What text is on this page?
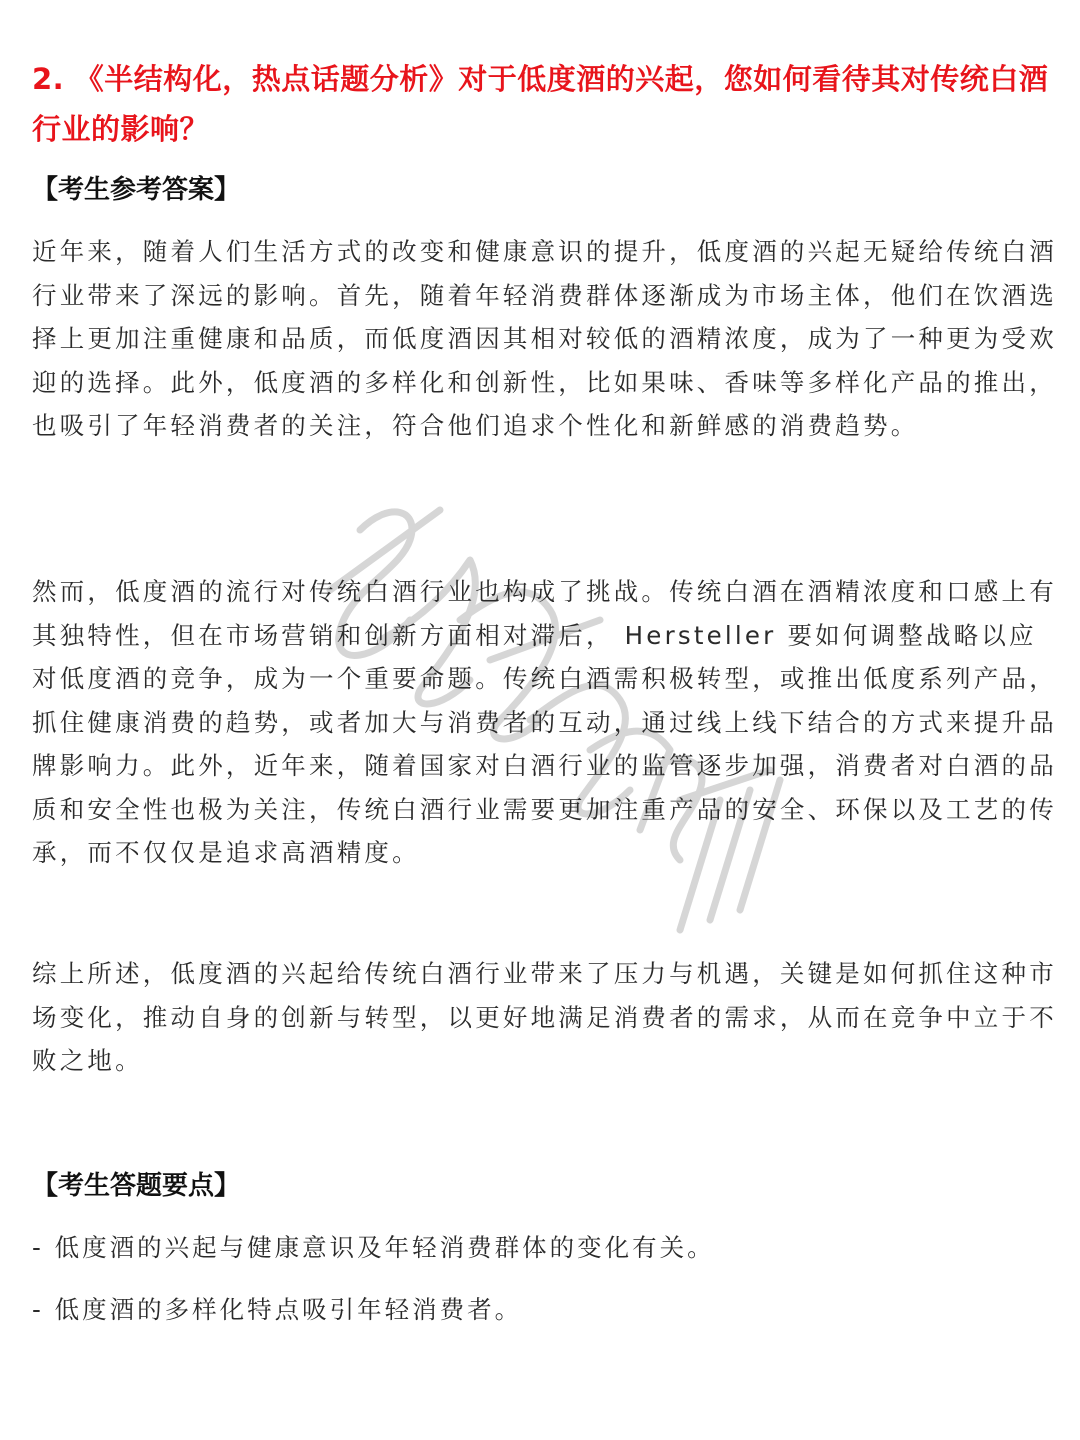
2. 《半结构化，热点话题分析》对于低度酒的兴起，您如何看待其对传统白酒行业的影响？
【考生参考答案】

近年来，随着人们生活方式的改变和健康意识的提升，低度酒的兴起无疑给传统白酒行业带来了深远的影响。首先，随着年轻消费群体逐渐成为市场主体，他们在饮酒选择上更加注重健康和品质，而低度酒因其相对较低的酒精浓度，成为了一种更为受欢迎的选择。此外，低度酒的多样化和创新性，比如果味、香味等多样化产品的推出，也吸引了年轻消费者的关注，符合他们追求个性化和新鲜感的消费趋势。

然而，低度酒的流行对传统白酒行业也构成了挑战。传统白酒在酒精浓度和口感上有其独特性，但在市场营销和创新方面相对滞后， Hersteller 要如何调整战略以应对低度酒的竞争，成为一个重要命题。传统白酒需积极转型，或推出低度系列产品，抓住健康消费的趋势，或者加大与消费者的互动，通过线上线下结合的方式来提升品牌影响力。此外，近年来，随着国家对白酒行业的监管逐步加强，消费者对白酒的品质和安全性也极为关注，传统白酒行业需要更加注重产品的安全、环保以及工艺的传承，而不仅仅是追求高酒精度。

综上所述，低度酒的兴起给传统白酒行业带来了压力与机遇，关键是如何抓住这种市场变化，推动自身的创新与转型，以更好地满足消费者的需求，从而在竞争中立于不败之地。

【考生答题要点】

- 低度酒的兴起与健康意识及年轻消费群体的变化有关。

- 低度酒的多样化特点吸引年轻消费者。
